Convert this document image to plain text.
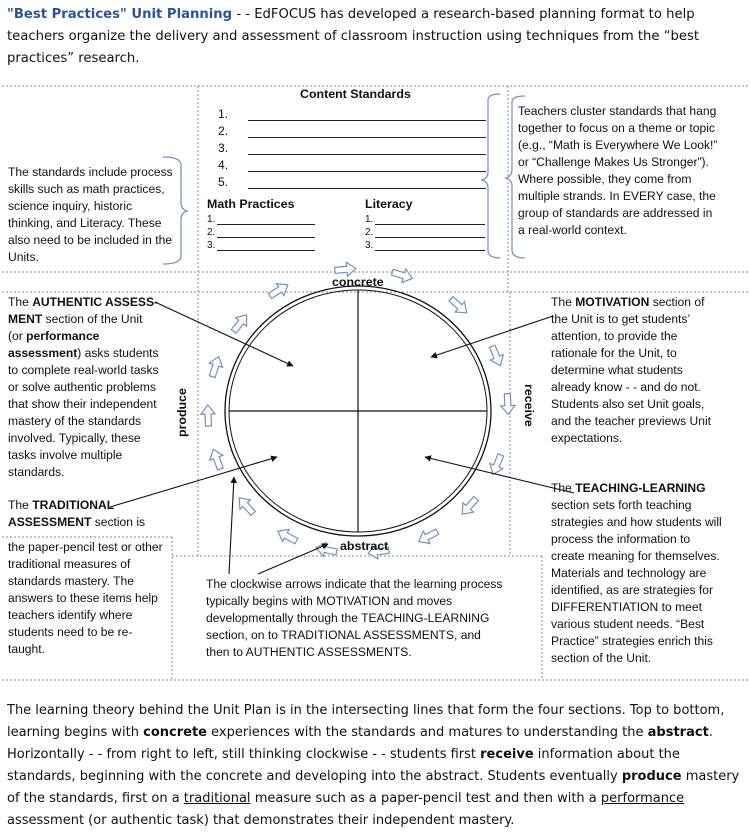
"Best Practices" Unit Planning - - EdFOCUS has developed a research-based planning format to help teachers organize the delivery and assessment of classroom instruction using techniques from the “best practices” research.
Content Standards
1.
2.
3.
4.
5.
Math Practices
1.
2.
3.
Literacy
1.
2.
3.
The standards include process skills such as math practices, science inquiry, historic thinking, and Literacy. These also need to be included in the Units.
Teachers cluster standards that hang together to focus on a theme or topic (e.g., “Math is Everywhere We Look!” or “Challenge Makes Us Stronger”). Where possible, they come from multiple strands. In EVERY case, the group of standards are addressed in a real-world context.
concrete
abstract
produce	receive
The AUTHENTIC ASSESS-MENT section of the Unit (or performance assessment) asks students to complete real-world tasks or solve authentic problems that show their independent mastery of the standards involved. Typically, these tasks involve multiple standards.
The TRADITIONAL ASSESSMENT section is
the paper-pencil test or other traditional measures of standards mastery. The answers to these items help teachers identify where students need to be re-taught.
The MOTIVATION section of the Unit is to get students’ attention, to provide the rationale for the Unit, to determine what students already know - - and do not. Students also set Unit goals, and the teacher previews Unit expectations.
The TEACHING-LEARNING section sets forth teaching strategies and how students will process the information to create meaning for themselves. Materials and technology are identified, as are strategies for DIFFERENTIATION to meet various student needs. “Best Practice” strategies enrich this section of the Unit.
The clockwise arrows indicate that the learning process typically begins with MOTIVATION and moves developmentally through the TEACHING-LEARNING section, on to TRADITIONAL ASSESSMENTS, and then to AUTHENTIC ASSESSMENTS.
The learning theory behind the Unit Plan is in the intersecting lines that form the four sections. Top to bottom, learning begins with concrete experiences with the standards and matures to understanding the abstract. Horizontally - - from right to left, still thinking clockwise - - students first receive information about the standards, beginning with the concrete and developing into the abstract. Students eventually produce mastery of the standards, first on a traditional measure such as a paper-pencil test and then with a performance assessment (or authentic task) that demonstrates their independent mastery.
